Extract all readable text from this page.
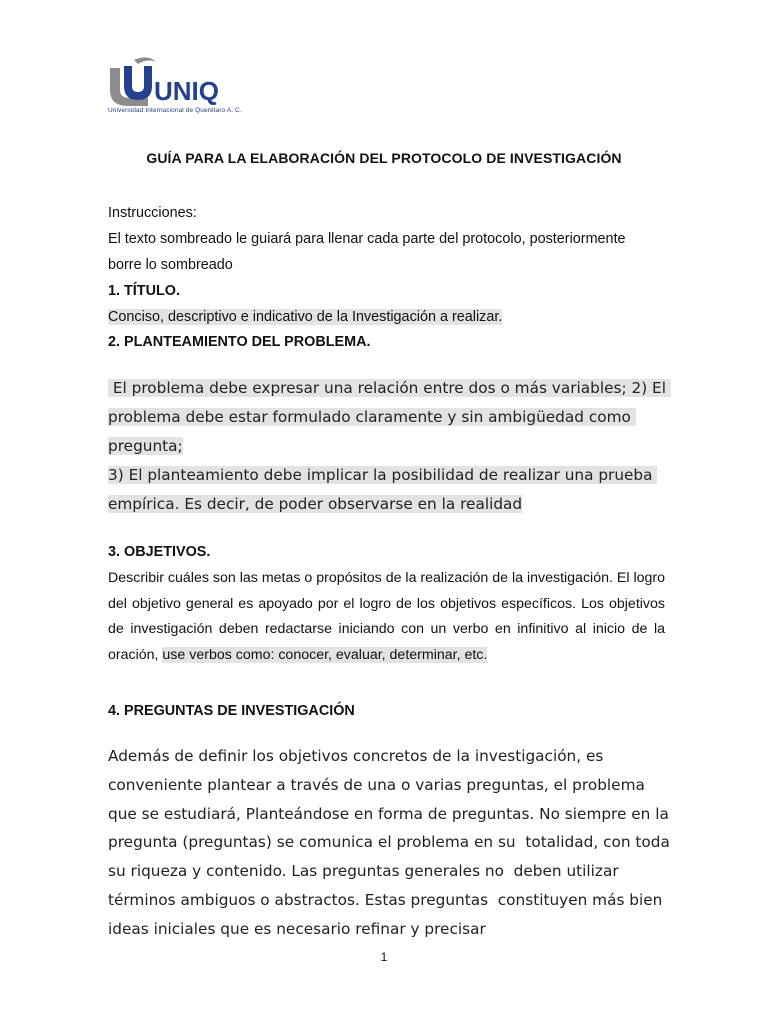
UNIQ
Universidad Internacional de Querétaro A. C.
GUÍA PARA LA ELABORACIÓN DEL PROTOCOLO DE INVESTIGACIÓN
Instrucciones:
El texto sombreado le guiará para llenar cada parte del protocolo, posteriormente
borre lo sombreado
1. TÍTULO.
Conciso, descriptivo e indicativo de la Investigación a realizar.
2. PLANTEAMIENTO DEL PROBLEMA.
El problema debe expresar una relación entre dos o más variables; 2) El
problema debe estar formulado claramente y sin ambigüedad como
pregunta;
3) El planteamiento debe implicar la posibilidad de realizar una prueba
empírica. Es decir, de poder observarse en la realidad
3. OBJETIVOS.
Describir cuáles son las metas o propósitos de la realización de la investigación. El logro del objetivo general es apoyado por el logro de los objetivos específicos. Los objetivos de investigación deben redactarse iniciando con un verbo en infinitivo al inicio de la oración, use verbos como: conocer, evaluar, determinar, etc.
4. PREGUNTAS DE INVESTIGACIÓN
Además de definir los objetivos concretos de la investigación, es
conveniente plantear a través de una o varias preguntas, el problema
que se estudiará, Planteándose en forma de preguntas. No siempre en la
pregunta (preguntas) se comunica el problema en su  totalidad, con toda
su riqueza y contenido. Las preguntas generales no  deben utilizar
términos ambiguos o abstractos. Estas preguntas  constituyen más bien
ideas iniciales que es necesario refinar y precisar
1
